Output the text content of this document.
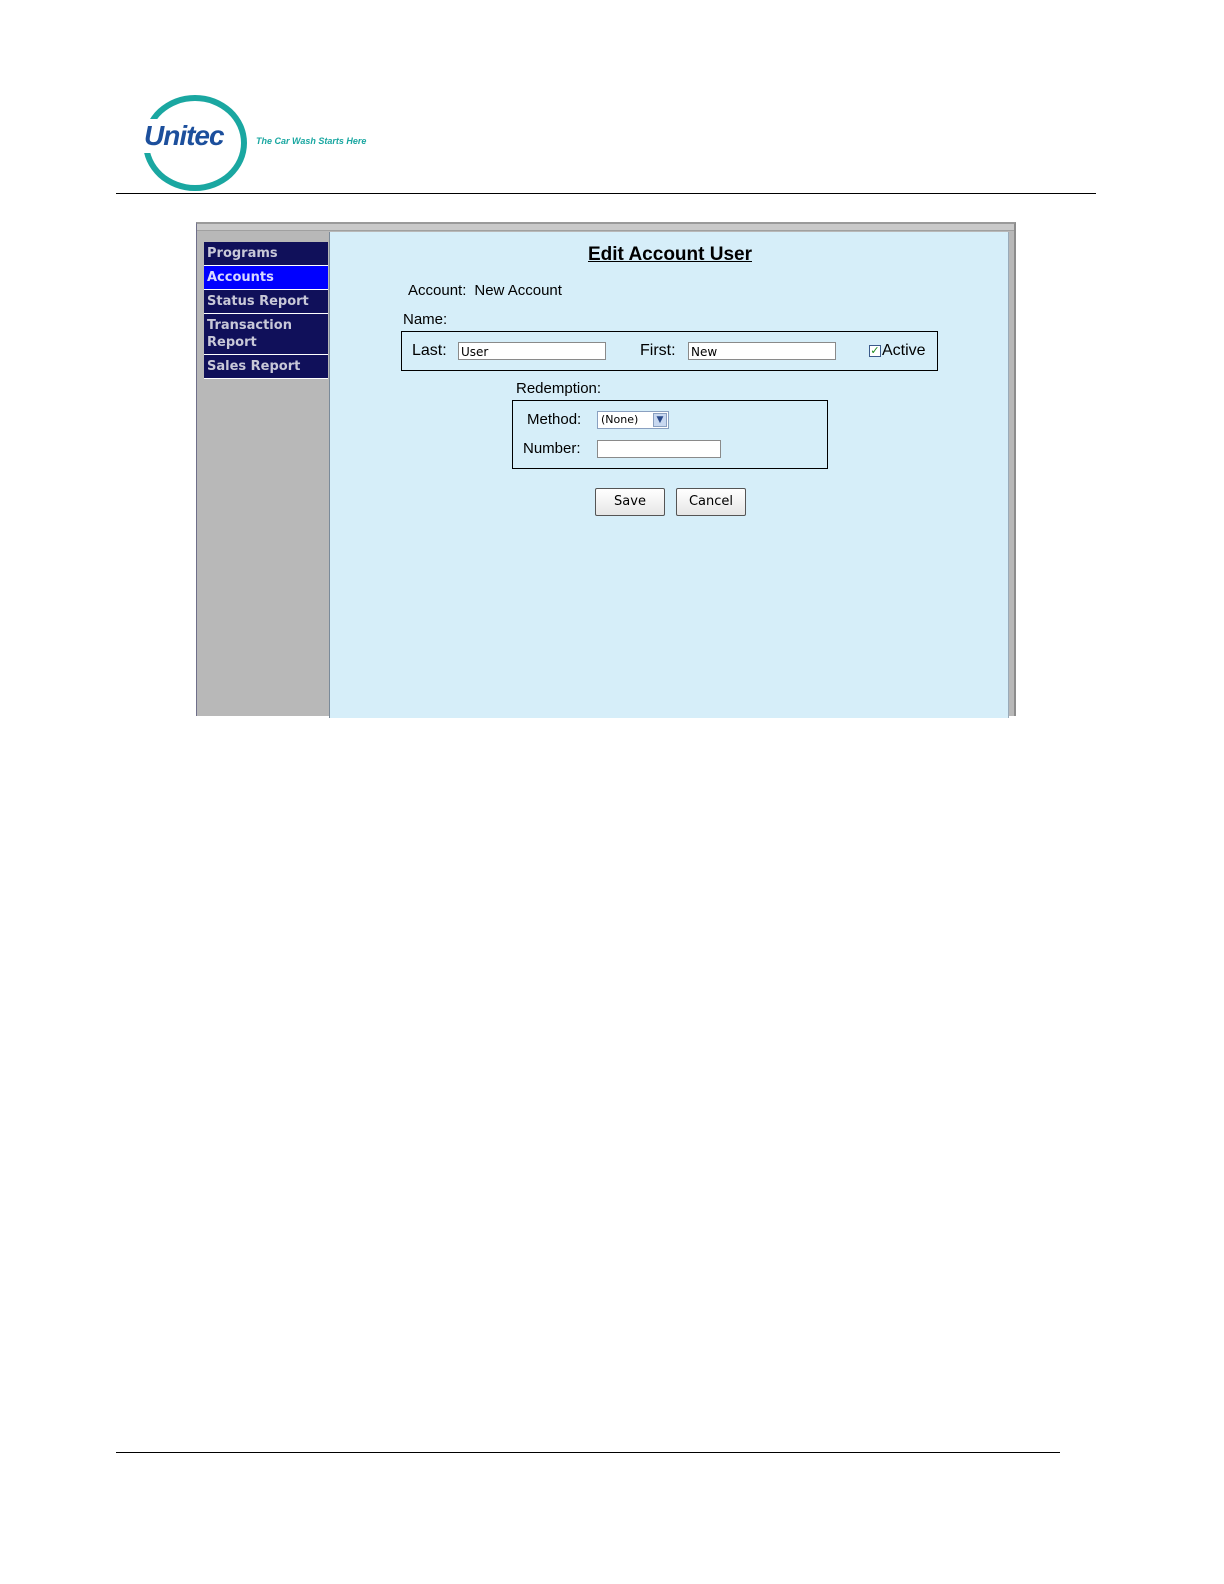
Unitec	The Car Wash Starts Here
Programs
Accounts
Status Report
Transaction Report
Sales Report
Edit Account User
Account: New Account
Name:
Last: User	First: New	✓ Active
Redemption:
Method:	(None)	▼
Number:
Save	Cancel
